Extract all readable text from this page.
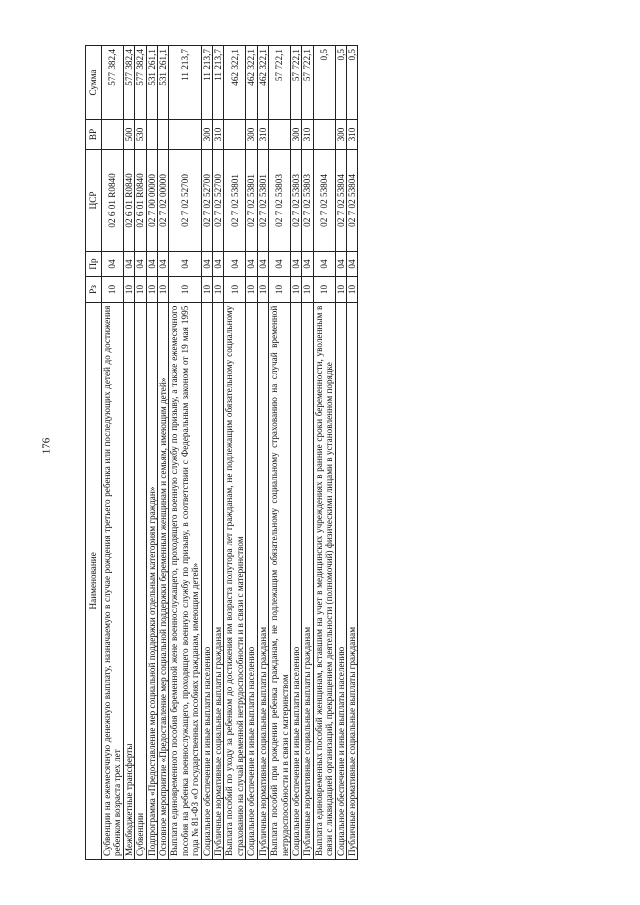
176
Наименование	Рз	Пр	ЦСР	ВР	Сумма
Субвенции на ежемесячную денежную выплату, назначаемую в случае рождения третьего ребенка или последующих детей до достижения ребенком возраста трех лет	10	04	02 6 01 R0840		577 382,4
Межбюджетные трансферты	10	04	02 6 01 R0840	500	577 382,4
Субвенции	10	04	02 6 01 R0840	530	577 382,4
Подпрограмма «Предоставление мер социальной поддержки отдельным категориям граждан»	10	04	02 7 00 00000		531 261,1
Основное мероприятие «Предоставление мер социальной поддержки беременным женщинам и семьям, имеющим детей»	10	04	02 7 02 00000		531 261,1
Выплата единовременного пособия беременной жене военнослужащего, проходящего военную службу по призыву, а также ежемесячного пособия на ребенка военнослужащего, проходящего военную службу по призыву, в соответствии с Федеральным законом от 19 мая 1995 года № 81-ФЗ «О государственных пособиях гражданам, имеющим детей»	10	04	02 7 02 52700		11 213,7
Социальное обеспечение и иные выплаты населению	10	04	02 7 02 52700	300	11 213,7
Публичные нормативные социальные выплаты гражданам	10	04	02 7 02 52700	310	11 213,7
Выплата пособий по уходу за ребенком до достижения им возраста полутора лет гражданам, не подлежащим обязательному социальному страхованию на случай временной нетрудоспособности и в связи с материнством	10	04	02 7 02 53801		462 322,1
Социальное обеспечение и иные выплаты населению	10	04	02 7 02 53801	300	462 322,1
Публичные нормативные социальные выплаты гражданам	10	04	02 7 02 53801	310	462 322,1
Выплата пособий при рождении ребенка гражданам, не подлежащим обязательному социальному страхованию на случай временной нетрудоспособности и в связи с материнством	10	04	02 7 02 53803		57 722,1
Социальное обеспечение и иные выплаты населению	10	04	02 7 02 53803	300	57 722,1
Публичные нормативные социальные выплаты гражданам	10	04	02 7 02 53803	310	57 722,1
Выплата единовременных пособий женщинам, вставшим на учет в медицинских учреждениях в ранние сроки беременности, уволенным в связи с ликвидацией организаций, прекращением деятельности (полномочий) физическими лицами в установленном порядке	10	04	02 7 02 53804		0,5
Социальное обеспечение и иные выплаты населению	10	04	02 7 02 53804	300	0,5
Публичные нормативные социальные выплаты гражданам	10	04	02 7 02 53804	310	0,5
